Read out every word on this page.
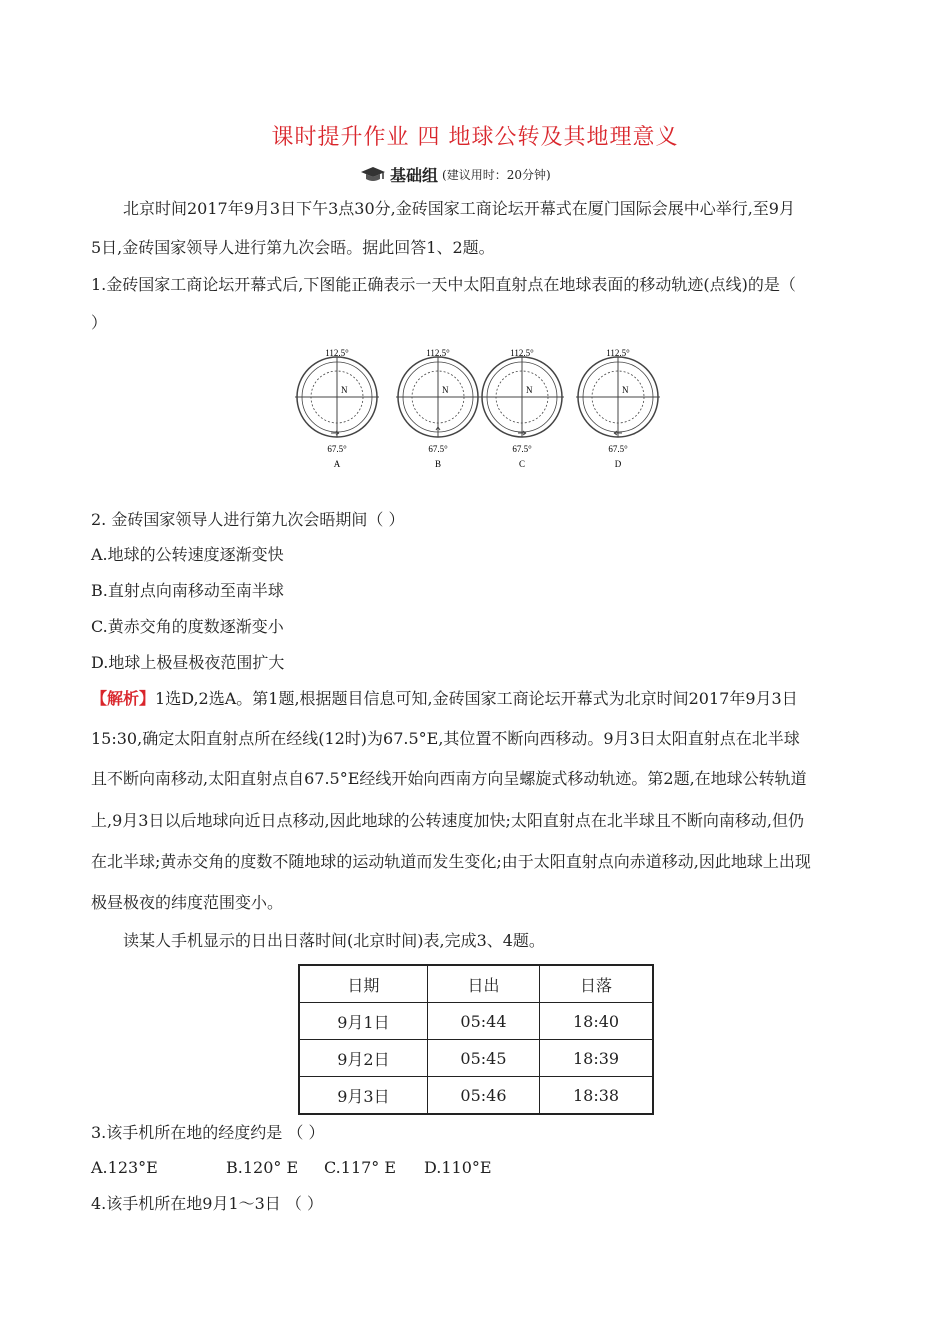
课时提升作业 四 地球公转及其地理意义
基础组 (建议用时：20分钟)
北京时间2017年9月3日下午3点30分,金砖国家工商论坛开幕式在厦门国际会展中心举行,至9月
5日,金砖国家领导人进行第九次会晤。据此回答1、2题。
1.金砖国家工商论坛开幕式后,下图能正确表示一天中太阳直射点在地球表面的移动轨迹(点线)的是（
）
112.5°
N
67.5°
A
112.5°
N
67.5°
B
112.5°
N
67.5°
C
112.5°
N
67.5°
D
2. 金砖国家领导人进行第九次会晤期间（ ）
A.地球的公转速度逐渐变快
B.直射点向南移动至南半球
C.黄赤交角的度数逐渐变小
D.地球上极昼极夜范围扩大
【解析】1选D,2选A。第1题,根据题目信息可知,金砖国家工商论坛开幕式为北京时间2017年9月3日
15:30,确定太阳直射点所在经线(12时)为67.5°E,其位置不断向西移动。9月3日太阳直射点在北半球
且不断向南移动,太阳直射点自67.5°E经线开始向西南方向呈螺旋式移动轨迹。第2题,在地球公转轨道
上,9月3日以后地球向近日点移动,因此地球的公转速度加快;太阳直射点在北半球且不断向南移动,但仍
在北半球;黄赤交角的度数不随地球的运动轨道而发生变化;由于太阳直射点向赤道移动,因此地球上出现
极昼极夜的纬度范围变小。
读某人手机显示的日出日落时间(北京时间)表,完成3、4题。
日期	日出	日落
9月1日	05:44	18:40
9月2日	05:45	18:39
9月3日	05:46	18:38
3.该手机所在地的经度约是 （ ）
A.123°E	B.120° E C.117° E D.110°E
4.该手机所在地9月1～3日 （ ）
